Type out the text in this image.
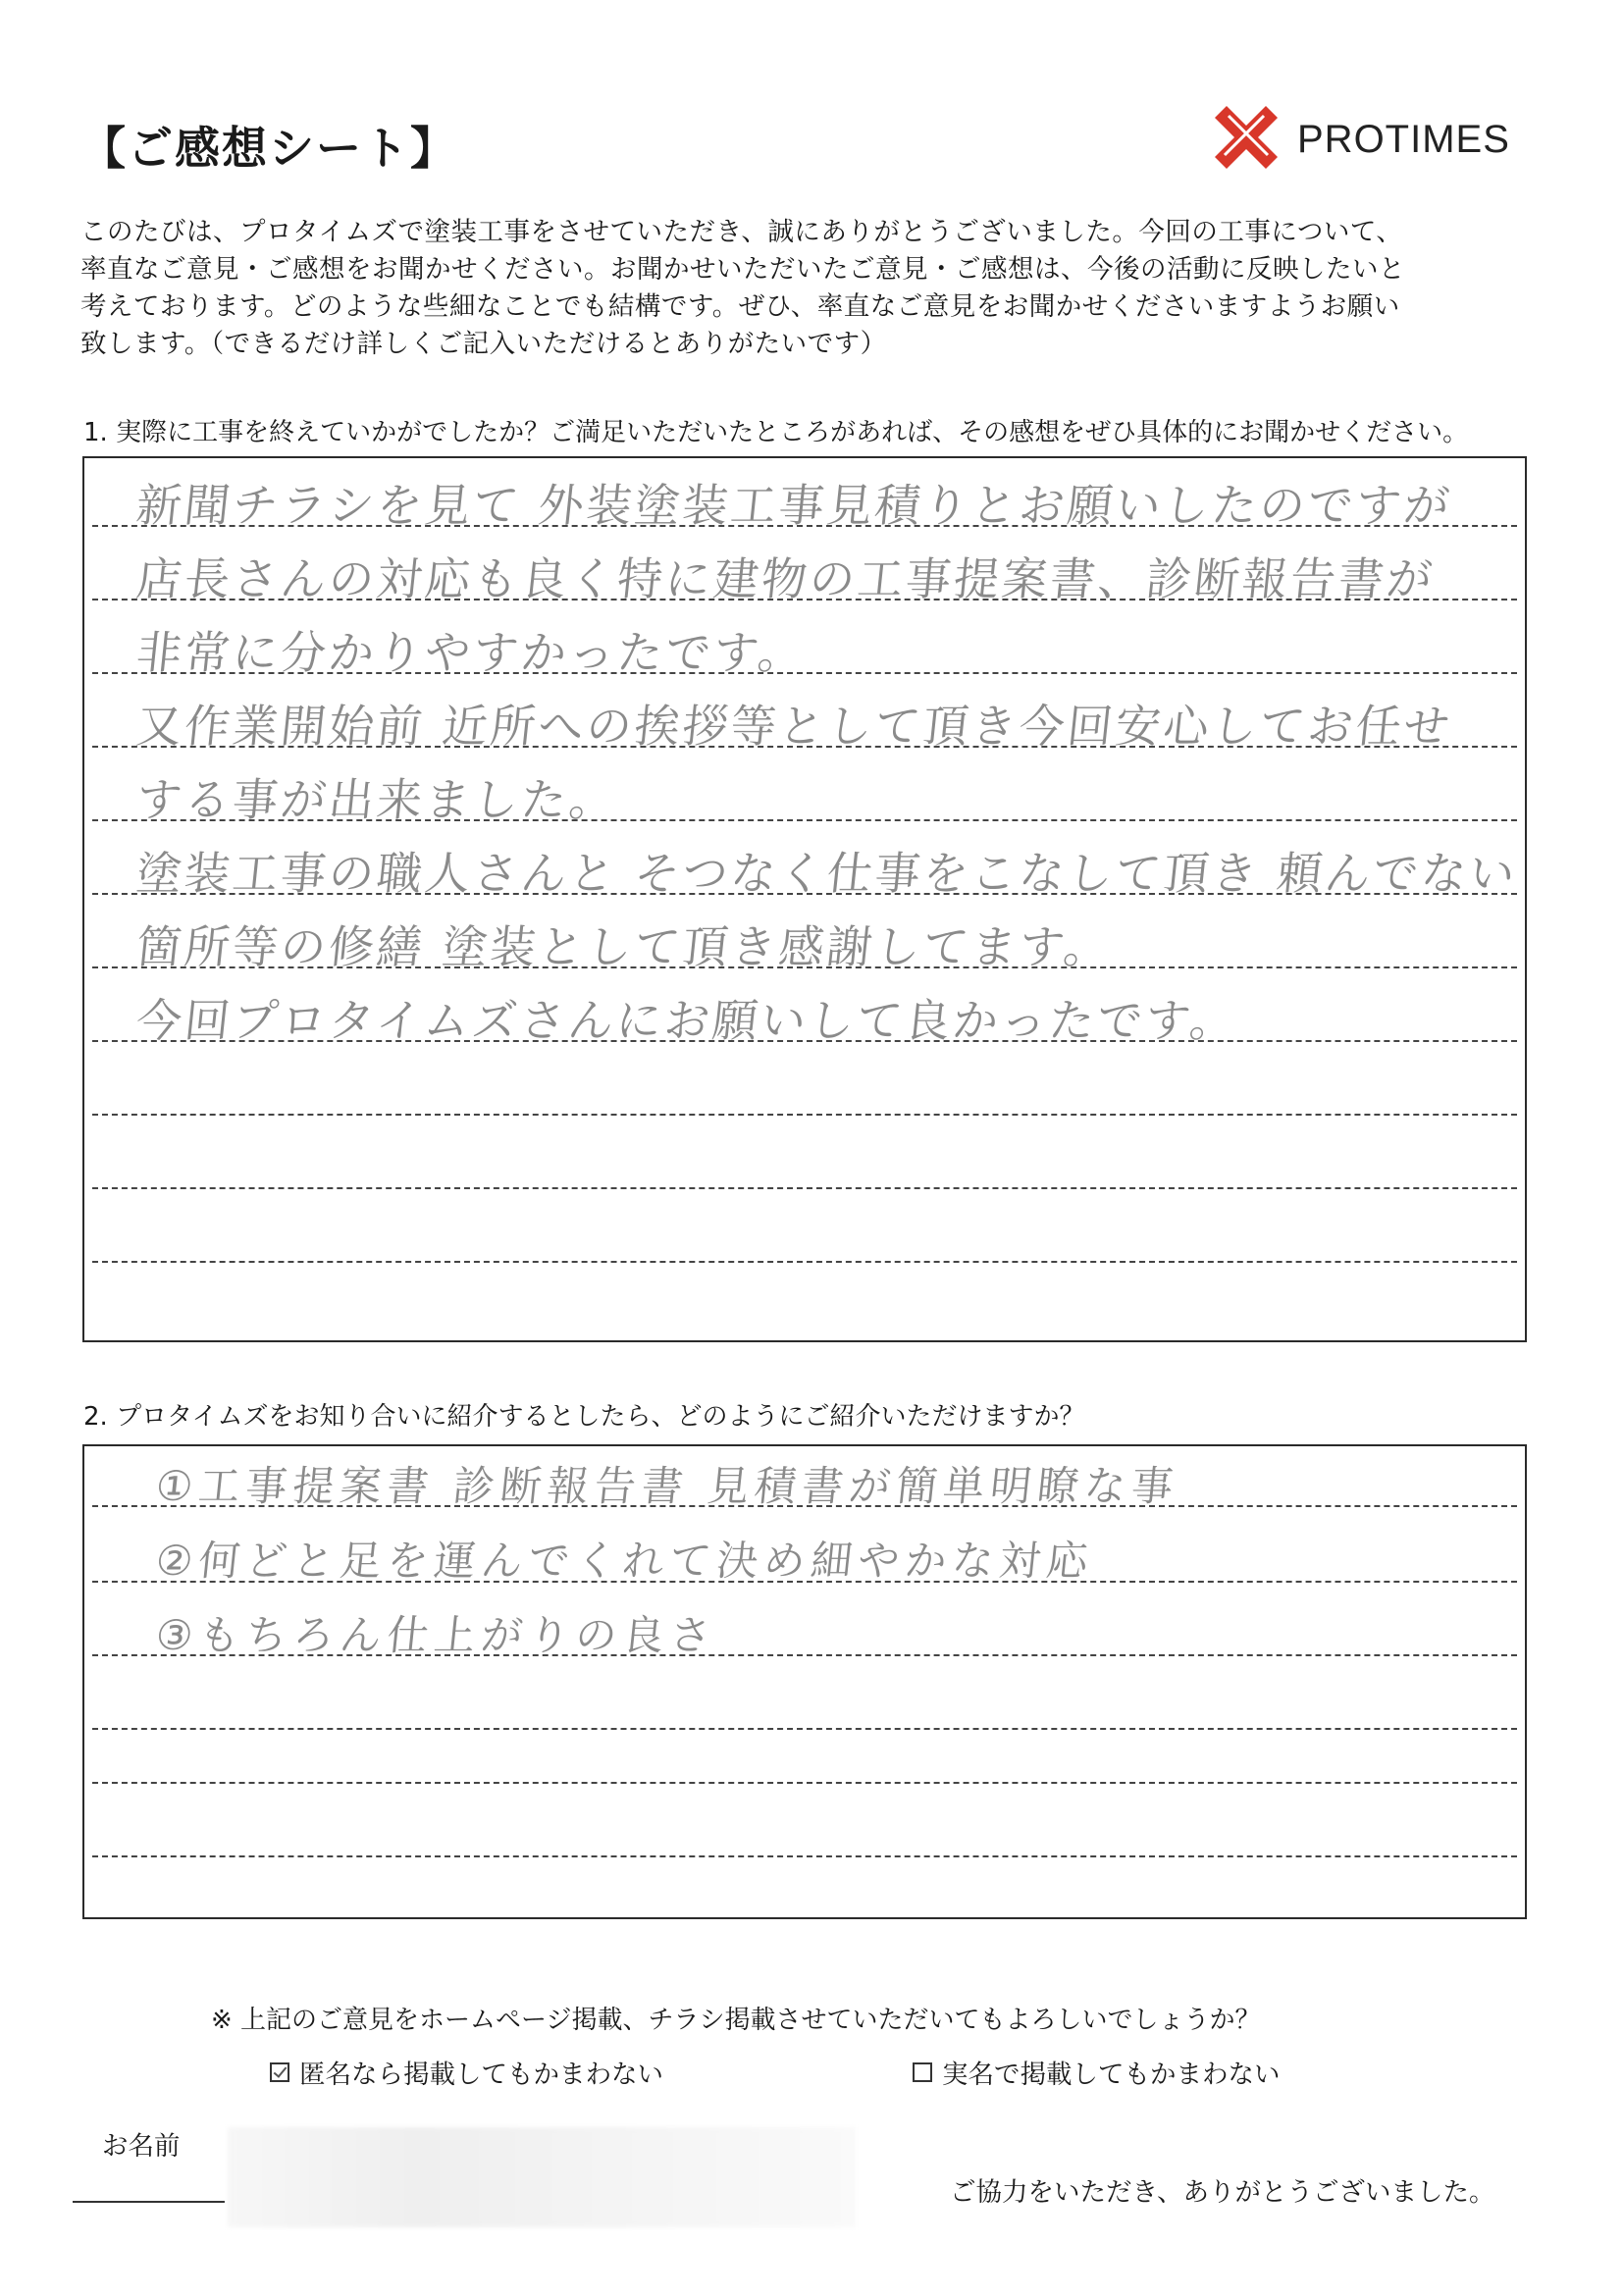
【ご感想シート】	PROTIMES

このたびは、プロタイムズで塗装工事をさせていただき、誠にありがとうございました。今回の工事について、

率直なご意見・ご感想をお聞かせください。お聞かせいただいたご意見・ご感想は、今後の活動に反映したいと

考えております。どのような些細なことでも結構です。ぜひ、率直なご意見をお聞かせくださいますようお願い

致します。（できるだけ詳しくご記入いただけるとありがたいです）

1. 実際に工事を終えていかがでしたか？ご満足いただいたところがあれば、その感想をぜひ具体的にお聞かせください。
新聞チラシを見て 外装塗装工事見積りとお願いしたのですが
店長さんの対応も良く特に建物の工事提案書、診断報告書が
非常に分かりやすかったです。
又作業開始前 近所への挨拶等として頂き今回安心してお任せ
する事が出来ました。
塗装工事の職人さんと そつなく仕事をこなして頂き 頼んでない
箇所等の修繕 塗装として頂き感謝してます。
今回プロタイムズさんにお願いして良かったです。
2. プロタイムズをお知り合いに紹介するとしたら、どのようにご紹介いただけますか？
①工事提案書 診断報告書 見積書が簡単明瞭な事
②何どと足を運んでくれて決め細やかな対応
③もちろん仕上がりの良さ
※ 上記のご意見をホームページ掲載、チラシ掲載させていただいてもよろしいでしょうか？
匿名なら掲載してもかまわない	実名で掲載してもかまわない
お名前
ご協力をいただき、ありがとうございました。
